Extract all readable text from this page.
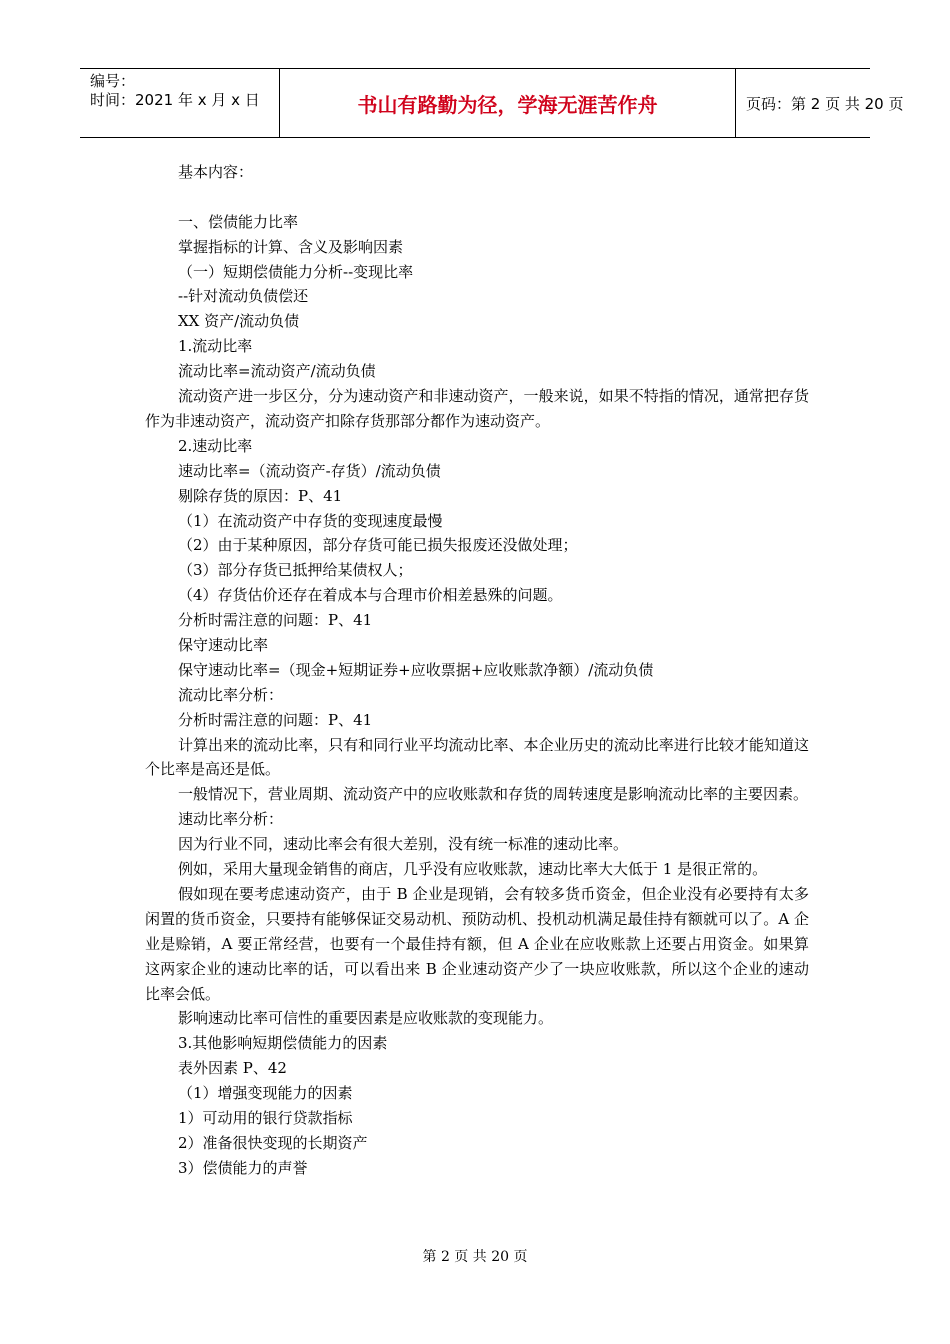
编号：
时间：2021 年 x 月 x 日	书山有路勤为径，学海无涯苦作舟	页码：第 2 页 共 20 页
基本内容：
一、偿债能力比率
掌握指标的计算、含义及影响因素
（一）短期偿债能力分析--变现比率
--针对流动负债偿还
XX 资产/流动负债
1.流动比率
流动比率=流动资产/流动负债
流动资产进一步区分，分为速动资产和非速动资产，一般来说，如果不特指的情况，通常把存货作为非速动资产，流动资产扣除存货那部分都作为速动资产。
2.速动比率
速动比率=（流动资产-存货）/流动负债
剔除存货的原因：P、41
（1）在流动资产中存货的变现速度最慢
（2）由于某种原因，部分存货可能已损失报废还没做处理；
（3）部分存货已抵押给某债权人；
（4）存货估价还存在着成本与合理市价相差悬殊的问题。
分析时需注意的问题：P、41
保守速动比率
保守速动比率=（现金+短期证券+应收票据+应收账款净额）/流动负债
流动比率分析：
分析时需注意的问题：P、41
计算出来的流动比率，只有和同行业平均流动比率、本企业历史的流动比率进行比较才能知道这个比率是高还是低。
一般情况下，营业周期、流动资产中的应收账款和存货的周转速度是影响流动比率的主要因素。
速动比率分析：
因为行业不同，速动比率会有很大差别，没有统一标准的速动比率。
例如，采用大量现金销售的商店，几乎没有应收账款，速动比率大大低于 1 是很正常的。
假如现在要考虑速动资产，由于 B 企业是现销，会有较多货币资金，但企业没有必要持有太多闲置的货币资金，只要持有能够保证交易动机、预防动机、投机动机满足最佳持有额就可以了。A 企业是赊销，A 要正常经营，也要有一个最佳持有额，但 A 企业在应收账款上还要占用资金。如果算这两家企业的速动比率的话，可以看出来 B 企业速动资产少了一块应收账款，所以这个企业的速动比率会低。
影响速动比率可信性的重要因素是应收账款的变现能力。
3.其他影响短期偿债能力的因素
表外因素 P、42
（1）增强变现能力的因素
1）可动用的银行贷款指标
2）准备很快变现的长期资产
3）偿债能力的声誉
第 2 页 共 20 页
